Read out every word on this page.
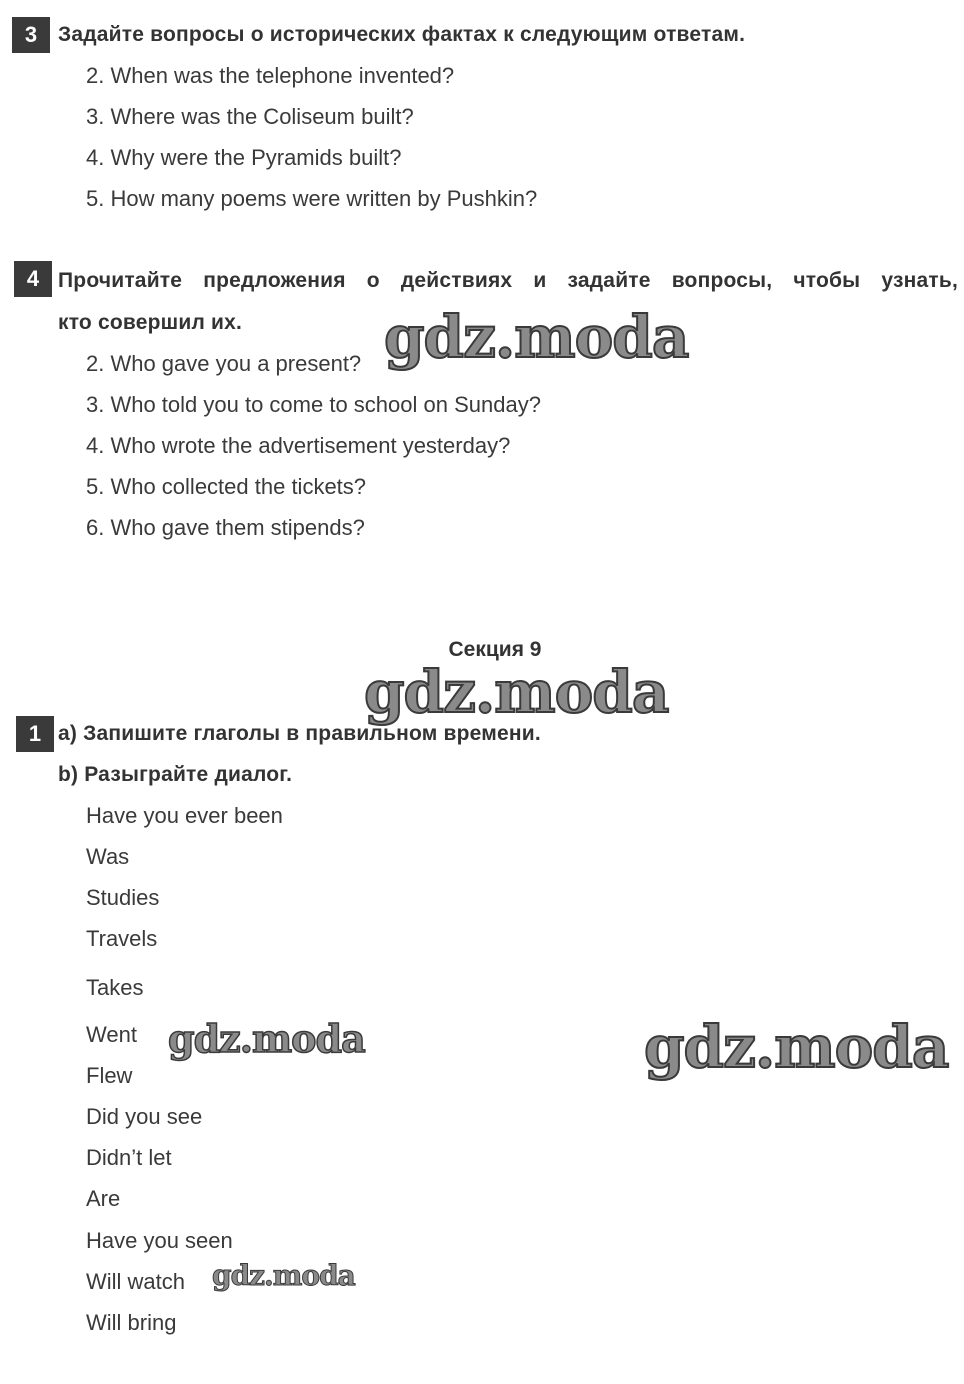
3 Задайте вопросы о исторических фактах к следующим ответам.
2. When was the telephone invented?
3. Where was the Coliseum built?
4. Why were the Pyramids built?
5. How many poems were written by Pushkin?
4 Прочитайте предложения о действиях и задайте вопросы, чтобы узнать,
кто совершил их.
2. Who gave you a present?
3. Who told you to come to school on Sunday?
4. Who wrote the advertisement yesterday?
5. Who collected the tickets?
6. Who gave them stipends?
Секция 9
1 a) Запишите глаголы в правильном времени.
b) Разыграйте диалог.
Have you ever been
Was
Studies
Travels
Takes
Went
Flew
Did you see
Didn’t let
Are
Have you seen
Will watch
Will bring
gdz.moda
gdz.moda
gdz.moda	gdz.moda
gdz.moda
